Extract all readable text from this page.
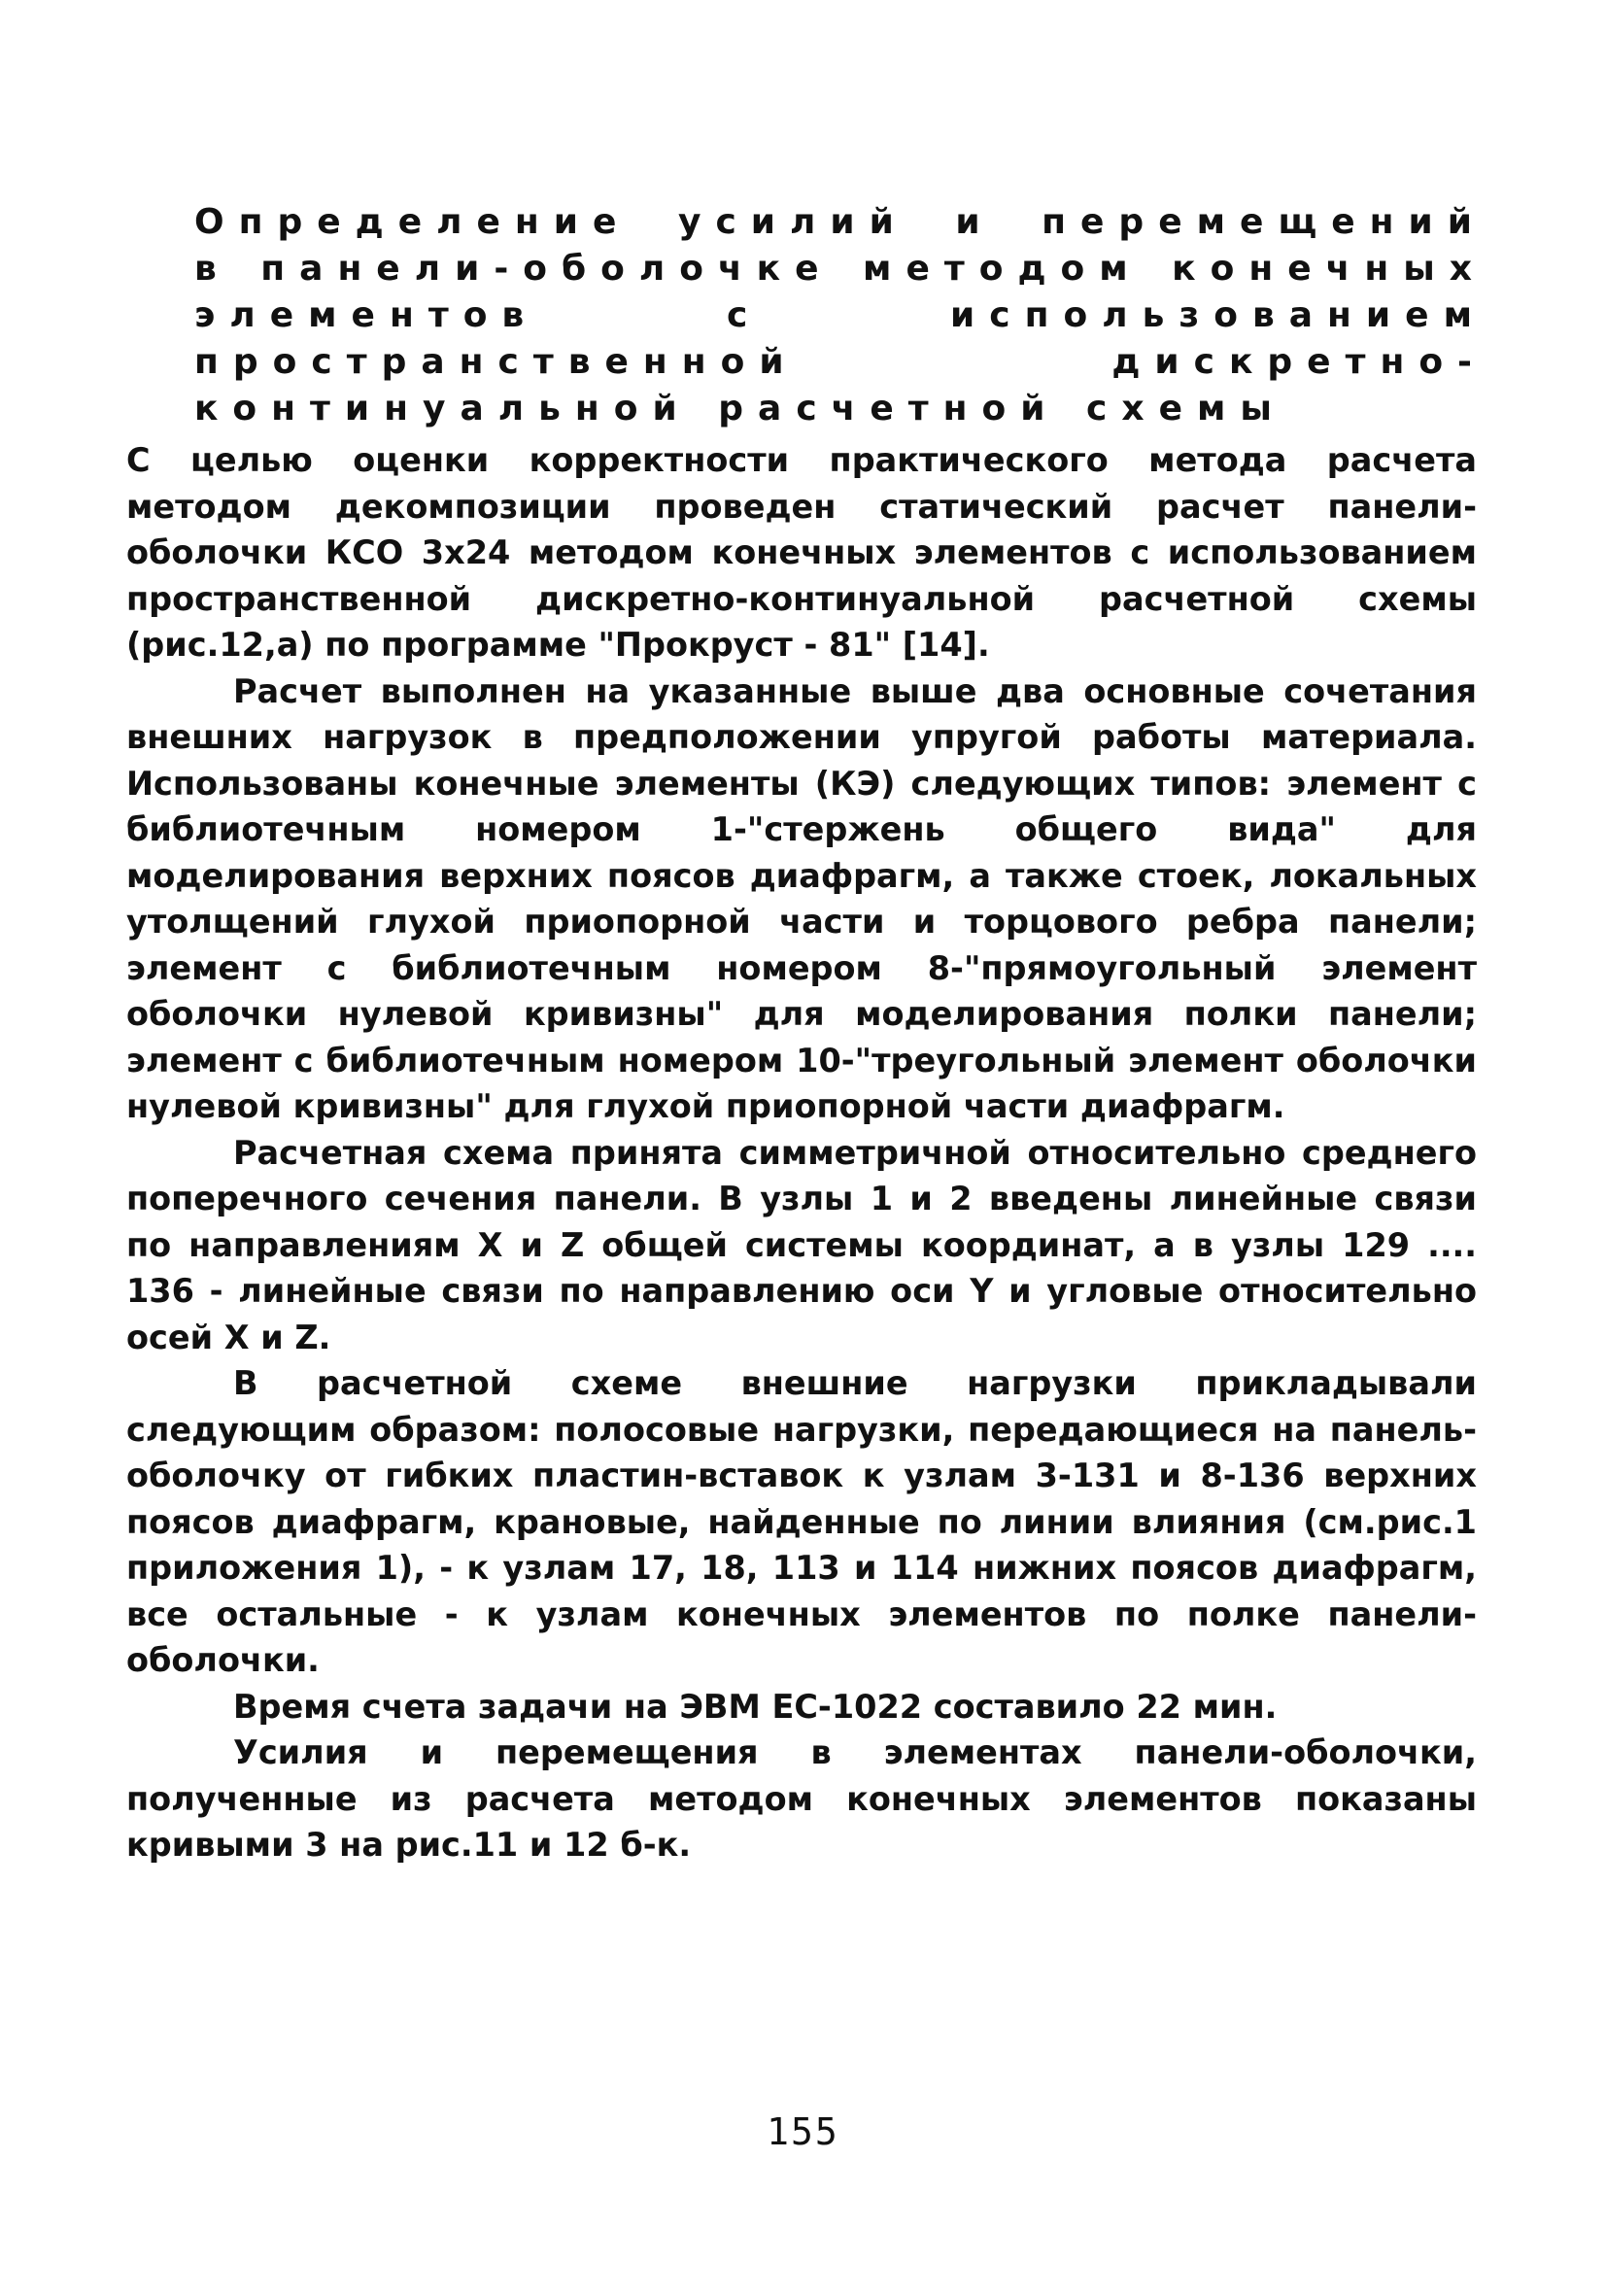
Определение усилий и перемещений в панели-оболочке методом конечных элементов с использованием пространственной дискретно-континуальной расчетной схемы

С целью оценки корректности практического метода расчета методом декомпозиции проведен статический расчет панели-оболочки КСО 3х24 методом конечных элементов с использованием пространственной дискретно-континуальной расчетной схемы (рис.12,а) по программе "Прокруст - 81" [14].

Расчет выполнен на указанные выше два основные сочетания внешних нагрузок в предположении упругой работы материала. Использованы конечные элементы (КЭ) следующих типов: элемент с библиотечным номером 1-"стержень общего вида" для моделирования верхних поясов диафрагм, а также стоек, локальных утолщений глухой приопорной части и торцового ребра панели; элемент с библиотечным номером 8-"прямоугольный элемент оболочки нулевой кривизны" для моделирования полки панели; элемент с библиотечным номером 10-"треугольный элемент оболочки нулевой кривизны" для глухой приопорной части диафрагм.

Расчетная схема принята симметричной относительно среднего поперечного сечения панели. В узлы 1 и 2 введены линейные связи по направлениям X и Z общей системы координат, а в узлы 129 .... 136 - линейные связи по направлению оси Y и угловые относительно осей X и Z.

В расчетной схеме внешние нагрузки прикладывали следующим образом: полосовые нагрузки, передающиеся на панель-оболочку от гибких пластин-вставок к узлам 3-131 и 8-136 верхних поясов диафрагм, крановые, найденные по линии влияния (см.рис.1 приложения 1), - к узлам 17, 18, 113 и 114 нижних поясов диафрагм, все остальные - к узлам конечных элементов по полке панели-оболочки.

Время счета задачи на ЭВМ ЕС-1022 составило 22 мин.

Усилия и перемещения в элементах панели-оболочки, полученные из расчета методом конечных элементов показаны кривыми 3 на рис.11 и 12 б-к.

155
